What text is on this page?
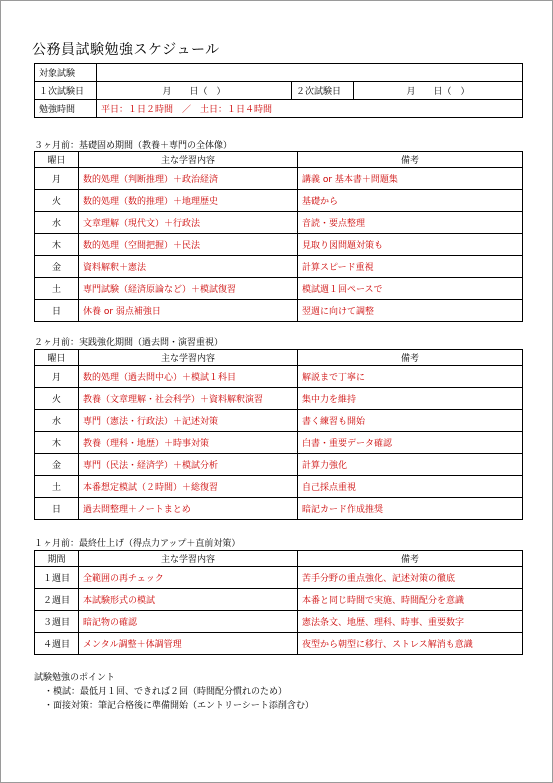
公務員試験勉強スケジュール
対象試験			
１次試験日	月　　日（　）	２次試験日	月　　日（　）
勉強時間	平日：１日２時間　／　土日：１日４時間		
３ヶ月前：基礎固め期間（教養＋専門の全体像）
曜日	主な学習内容	備考
月	数的処理（判断推理）＋政治経済	講義 or 基本書＋問題集
火	数的処理（数的推理）＋地理歴史	基礎から
水	文章理解（現代文）＋行政法	音読・要点整理
木	数的処理（空間把握）＋民法	見取り図問題対策も
金	資料解釈＋憲法	計算スピード重視
土	専門試験（経済原論など）＋模試復習	模試週１回ペースで
日	休養 or 弱点補強日	翌週に向けて調整
２ヶ月前：実践強化期間（過去問・演習重視）
曜日	主な学習内容	備考
月	数的処理（過去問中心）＋模試１科目	解説まで丁寧に
火	教養（文章理解・社会科学）＋資料解釈演習	集中力を維持
水	専門（憲法・行政法）＋記述対策	書く練習も開始
木	教養（理科・地歴）＋時事対策	白書・重要データ確認
金	専門（民法・経済学）＋模試分析	計算力強化
土	本番想定模試（２時間）＋総復習	自己採点重視
日	過去問整理＋ノートまとめ	暗記カード作成推奨
１ヶ月前：最終仕上げ（得点力アップ＋直前対策）
期間	主な学習内容	備考
１週目	全範囲の再チェック	苦手分野の重点強化、記述対策の徹底
２週目	本試験形式の模試	本番と同じ時間で実施、時間配分を意識
３週目	暗記物の確認	憲法条文、地歴、理科、時事、重要数字
４週目	メンタル調整＋体調管理	夜型から朝型に移行、ストレス解消も意識
試験勉強のポイント
・模試：最低月１回、できれば２回（時間配分慣れのため）
・面接対策：筆記合格後に準備開始（エントリーシート添削含む）
